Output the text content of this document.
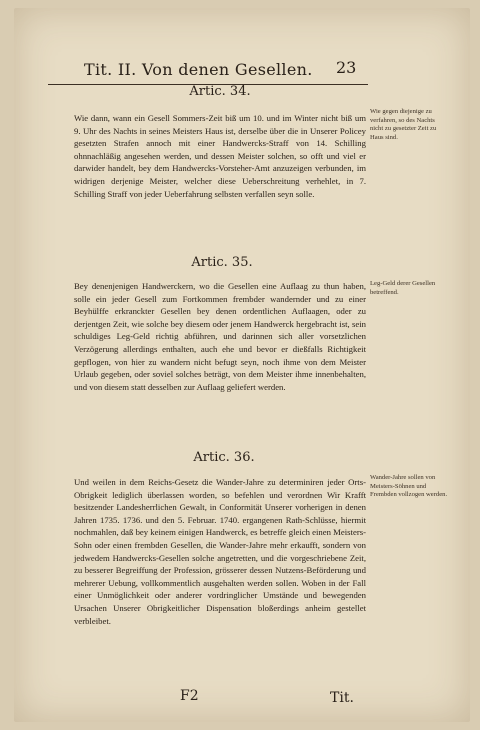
Tit. II. Von denen Gesellen. 23
Artic. 34.

Wie dann, wann ein Gesell Sommers-Zeit biß um 10. und im Winter nicht biß um 9. Uhr des Nachts in seines Meisters Haus ist, derselbe über die in Unserer Policey gesetzten Strafen annoch mit einer Handwercks-Straff von 14. Schilling ohnnachläßig angesehen werden, und dessen Meister solchen, so offt und viel er darwider handelt, bey dem Handwercks-Vorsteher-Amt anzuzeigen verbunden, im widrigen derjenige Meister, welcher diese Ueberschreitung verhehlet, in 7. Schilling Straff von jeder Ueberfahrung selbsten verfallen seyn solle.

Wie gegen diejenige zu verfahren, so des Nachts nicht zu gesetzter Zeit zu Haus sind.
Artic. 35.

Bey denenjenigen Handwerckern, wo die Gesellen eine Auflaag zu thun haben, solle ein jeder Gesell zum Fortkommen frembder wandernder und zu einer Beyhülffe erkranckter Gesellen bey denen ordentlichen Auflaagen, oder zu derjentgen Zeit, wie solche bey diesem oder jenem Handwerck hergebracht ist, sein schuldiges Leg-Geld richtig abführen, und darinnen sich aller vorsetzlichen Verzögerung allerdings enthalten, auch ehe und bevor er dießfalls Richtigkeit gepflogen, von hier zu wandern nicht befugt seyn, noch ihme von dem Meister Urlaub gegeben, oder soviel solches beträgt, von dem Meister ihme innenbehalten, und von diesem statt desselben zur Auflaag geliefert werden.

Leg-Geld derer Gesellen betreffend.
Artic. 36.

Und weilen in dem Reichs-Gesetz die Wander-Jahre zu determiniren jeder Orts-Obrigkeit lediglich überlassen worden, so befehlen und verordnen Wir Krafft besitzender Landesherrlichen Gewalt, in Conformität Unserer vorherigen in denen Jahren 1735. 1736. und den 5. Februar. 1740. ergangenen Rath-Schlüsse, hiermit nochmahlen, daß bey keinem einigen Handwerck, es betreffe gleich einen Meisters-Sohn oder einen frembden Gesellen, die Wander-Jahre mehr erkaufft, sondern von jedwedem Handwercks-Gesellen solche angetretten, und die vorgeschriebene Zeit, zu besserer Begreiffung der Profession, grösserer dessen Nutzens-Beförderung und mehrerer Uebung, vollkommentlich ausgehalten werden sollen. Woben in der Fall einer Unmöglichkeit oder anderer vordringlicher Umstände und bewegenden Ursachen Unserer Obrigkeitlicher Dispensation bloßerdings anheim gestellet verbleibet.

Wander-Jahre sollen von Meisters-Söhnen und Frembden vollzogen werden.
F2	Tit.
